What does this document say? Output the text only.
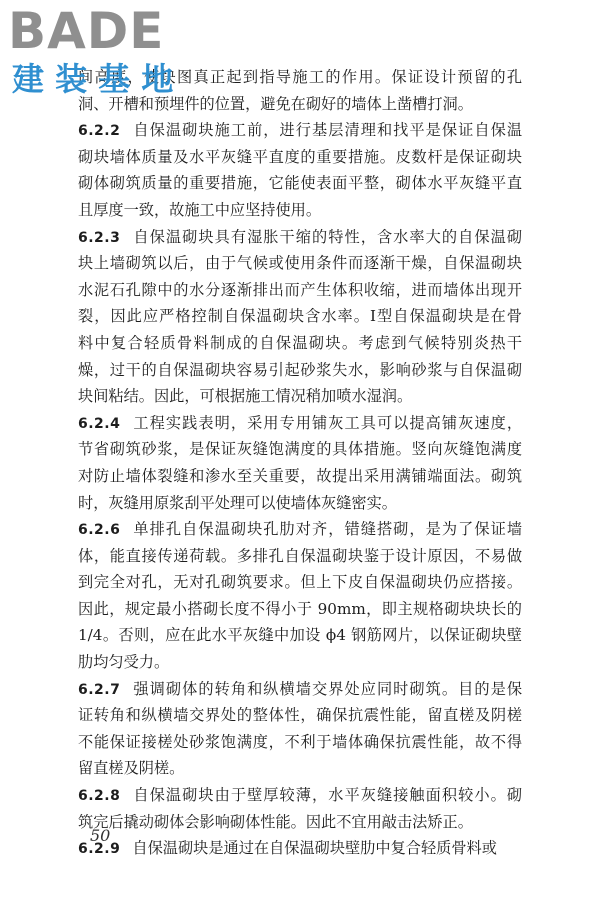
BADE
建 装 基 地
间高度，使块图真正起到指导施工的作用。保证设计预留的孔
洞、开槽和预埋件的位置，避免在砌好的墙体上凿槽打洞。
6.2.2 自保温砌块施工前，进行基层清理和找平是保证自保温
砌块墙体质量及水平灰缝平直度的重要措施。皮数杆是保证砌块
砌体砌筑质量的重要措施，它能使表面平整，砌体水平灰缝平直
且厚度一致，故施工中应坚持使用。
6.2.3 自保温砌块具有湿胀干缩的特性，含水率大的自保温砌
块上墙砌筑以后，由于气候或使用条件而逐渐干燥，自保温砌块
水泥石孔隙中的水分逐渐排出而产生体积收缩，进而墙体出现开
裂，因此应严格控制自保温砌块含水率。Ⅰ型自保温砌块是在骨
料中复合轻质骨料制成的自保温砌块。考虑到气候特别炎热干
燥，过干的自保温砌块容易引起砂浆失水，影响砂浆与自保温砌
块间粘结。因此，可根据施工情况稍加喷水湿润。
6.2.4 工程实践表明，采用专用铺灰工具可以提高铺灰速度，
节省砌筑砂浆，是保证灰缝饱满度的具体措施。竖向灰缝饱满度
对防止墙体裂缝和渗水至关重要，故提出采用满铺端面法。砌筑
时，灰缝用原浆刮平处理可以使墙体灰缝密实。
6.2.6 单排孔自保温砌块孔肋对齐，错缝搭砌，是为了保证墙
体，能直接传递荷载。多排孔自保温砌块鉴于设计原因，不易做
到完全对孔，无对孔砌筑要求。但上下皮自保温砌块仍应搭接。
因此，规定最小搭砌长度不得小于 90mm，即主规格砌块块长的
1/4。否则，应在此水平灰缝中加设 ϕ4 钢筋网片，以保证砌块壁
肋均匀受力。
6.2.7 强调砌体的转角和纵横墙交界处应同时砌筑。目的是保
证转角和纵横墙交界处的整体性，确保抗震性能，留直槎及阴槎
不能保证接槎处砂浆饱满度，不利于墙体确保抗震性能，故不得
留直槎及阴槎。
6.2.8 自保温砌块由于壁厚较薄，水平灰缝接触面积较小。砌
筑完后撬动砌体会影响砌体性能。因此不宜用敲击法矫正。
6.2.9 自保温砌块是通过在自保温砌块壁肋中复合轻质骨料或
50
